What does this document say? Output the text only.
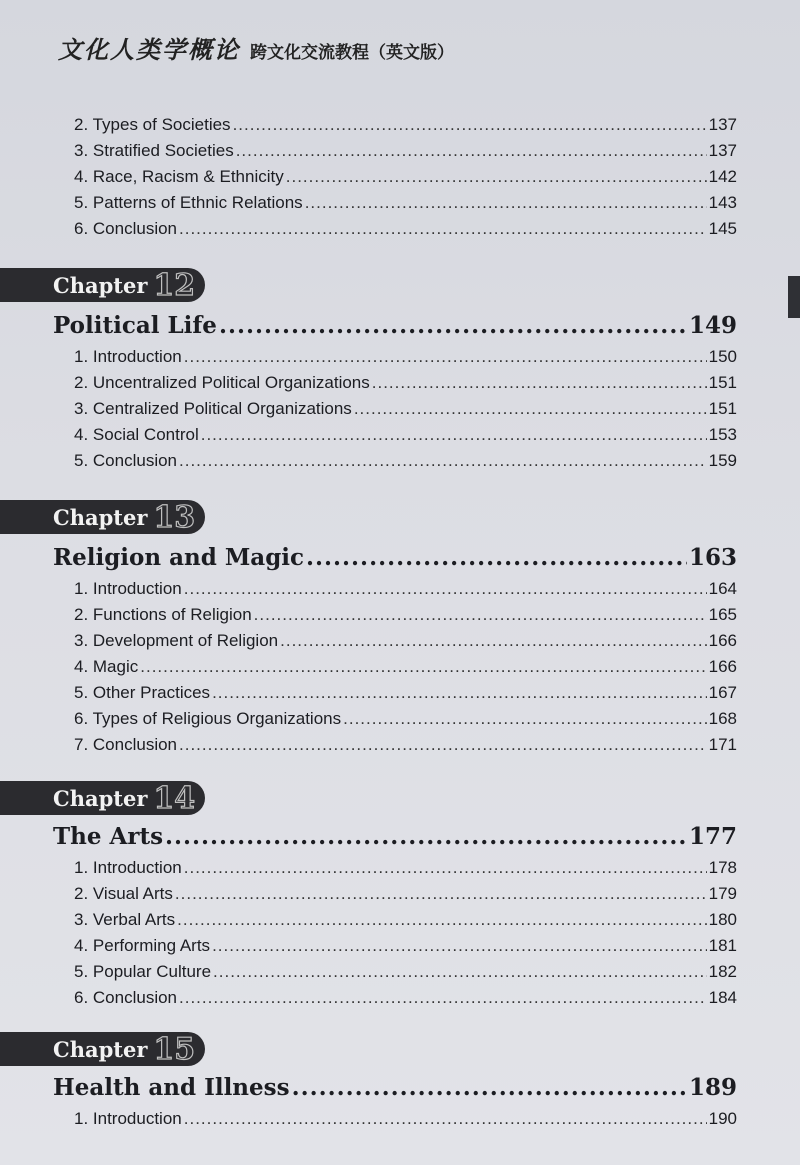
文化人类学概论 跨文化交流教程（英文版）
2. Types of Societies .....	137
3. Stratified Societies .....	137
4. Race, Racism & Ethnicity .....	142
5. Patterns of Ethnic Relations .....	143
6. Conclusion .....	145
Chapter 12
Political Life .....	149
1. Introduction .....	150
2. Uncentralized Political Organizations .....	151
3. Centralized Political Organizations .....	151
4. Social Control .....	153
5. Conclusion .....	159
Chapter 13
Religion and Magic .....	163
1. Introduction .....	164
2. Functions of Religion .....	165
3. Development of Religion .....	166
4. Magic .....	166
5. Other Practices .....	167
6. Types of Religious Organizations .....	168
7. Conclusion .....	171
Chapter 14
The Arts .....	177
1. Introduction .....	178
2. Visual Arts .....	179
3. Verbal Arts .....	180
4. Performing Arts .....	181
5. Popular Culture .....	182
6. Conclusion .....	184
Chapter 15
Health and Illness .....	189
1. Introduction .....	190
